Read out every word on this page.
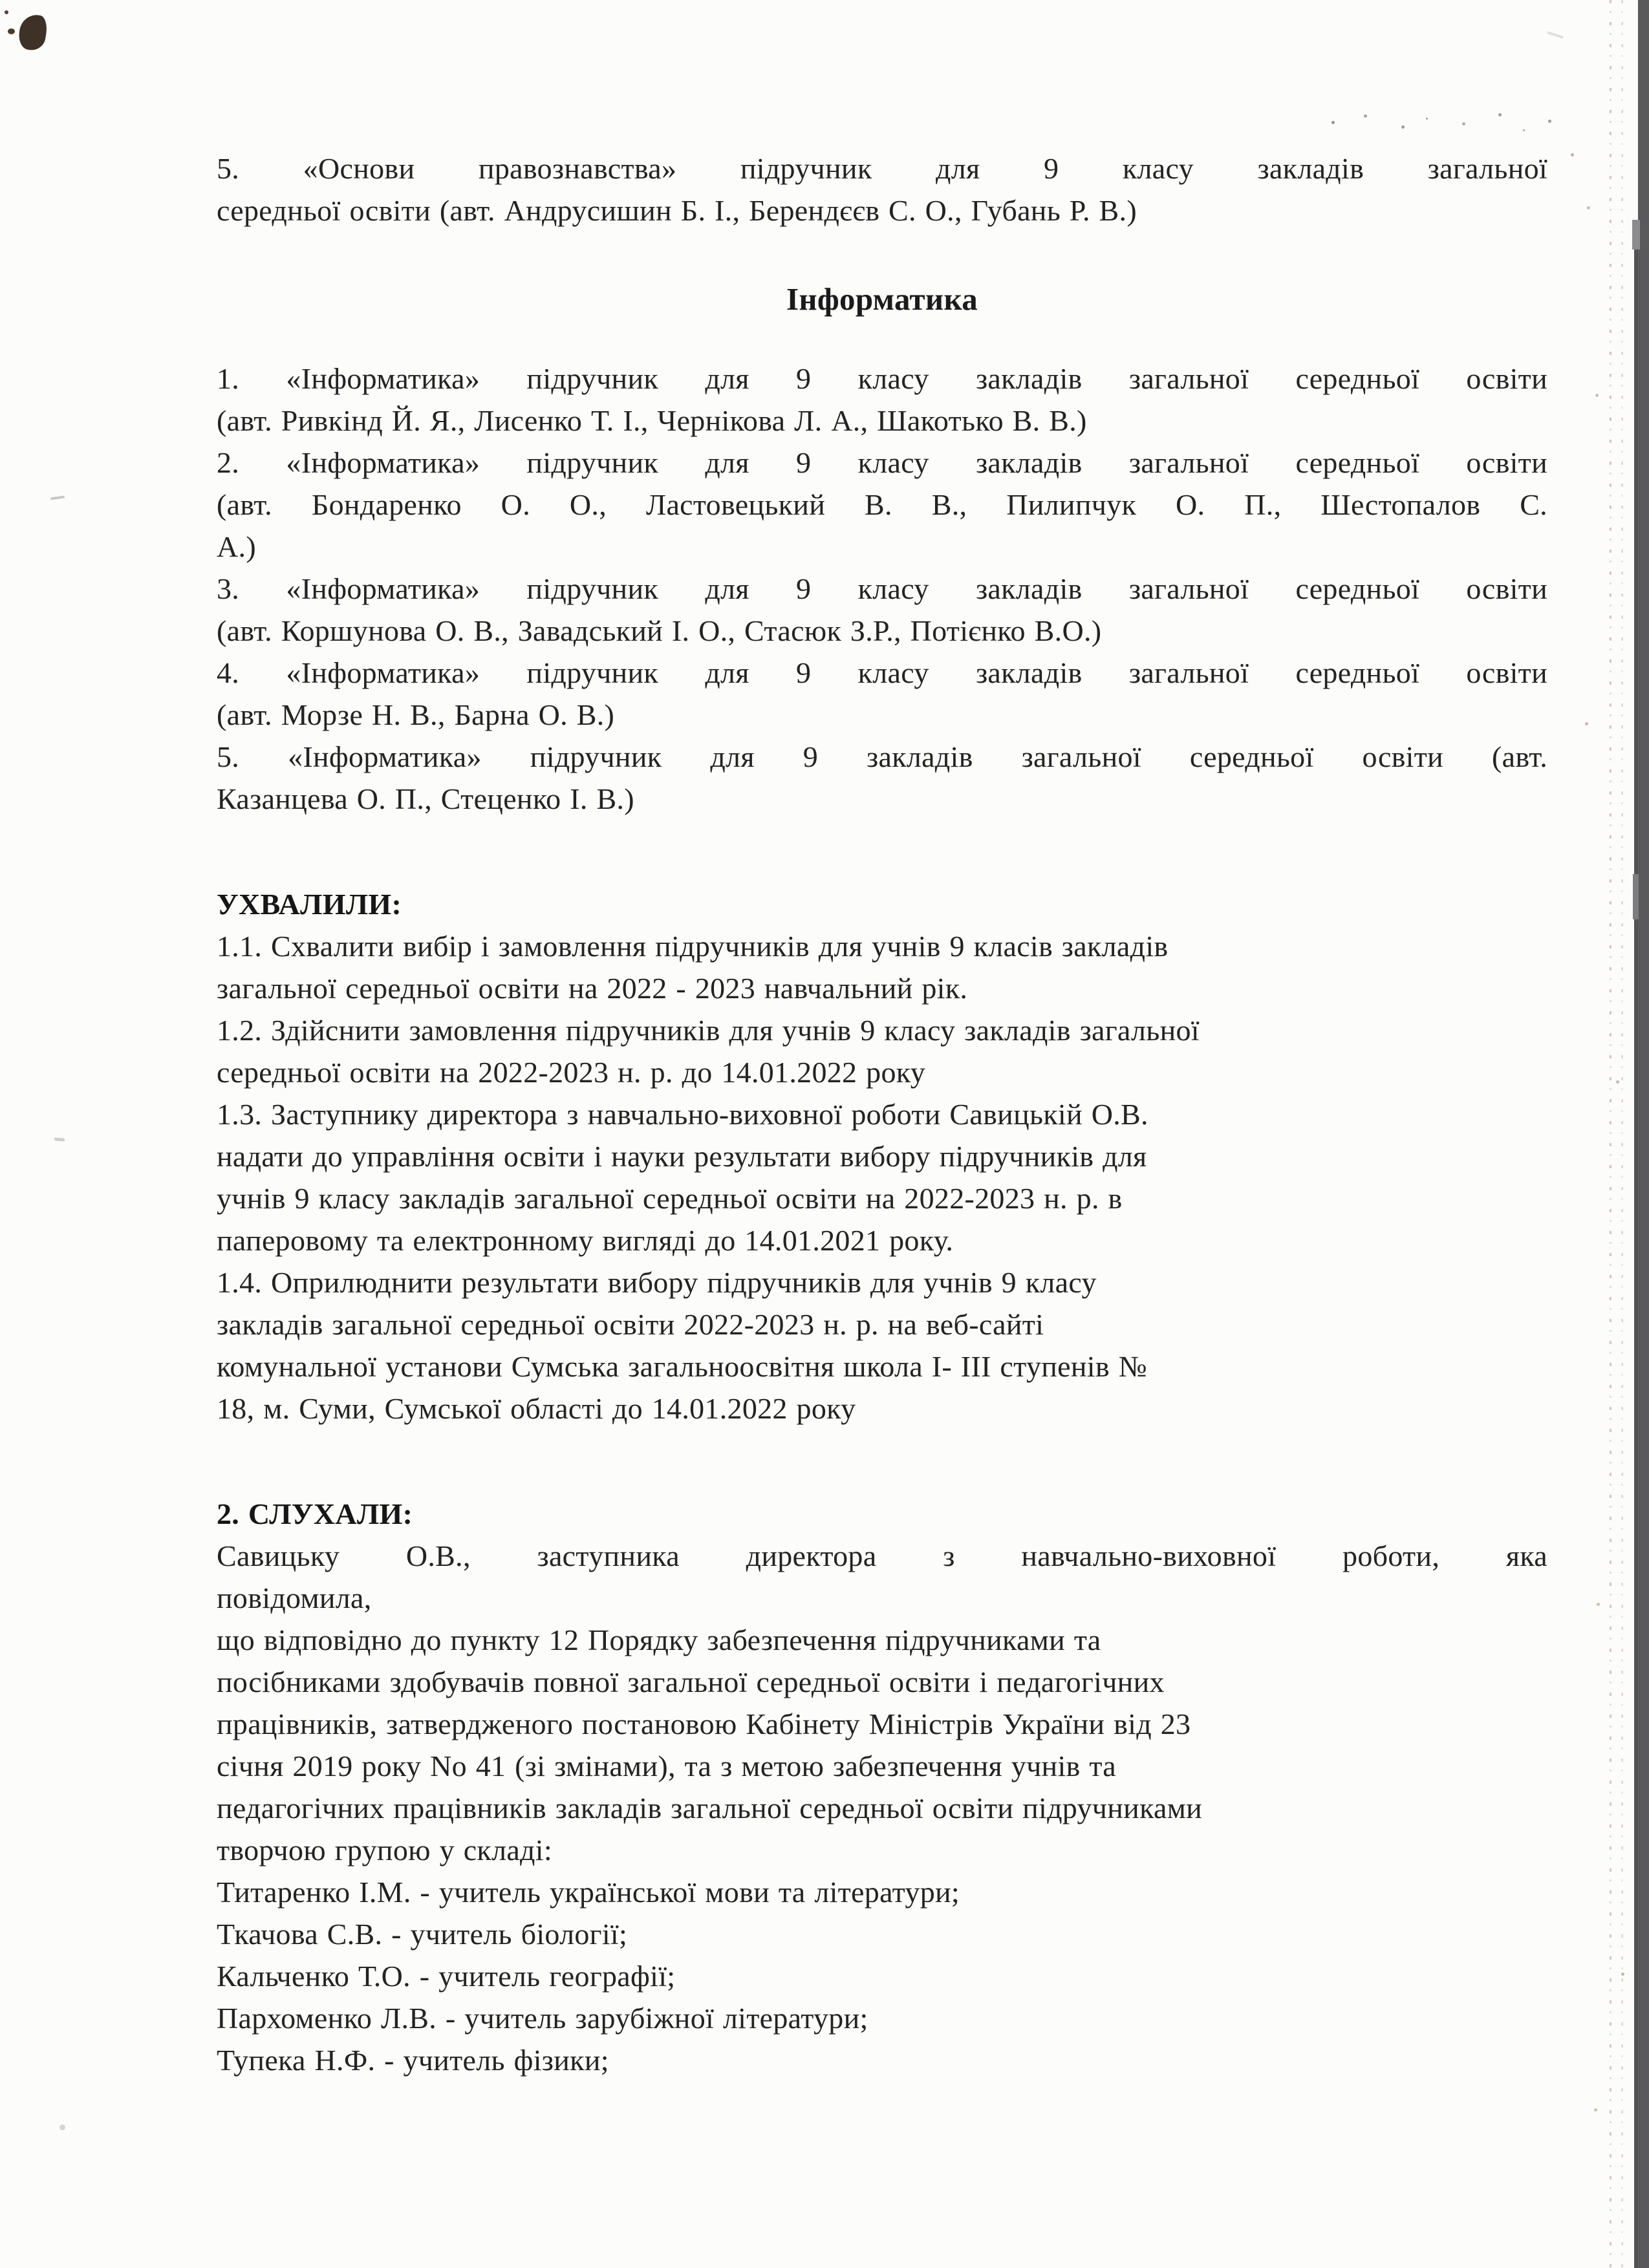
5. «Основи правознавства» підручник для 9 класу закладів загальної
середньої освіти (авт. Андрусишин Б. І., Берендєєв С. О., Губань Р. В.)
Інформатика
1. «Інформатика» підручник для 9 класу закладів загальної середньої освіти
(авт. Ривкінд Й. Я., Лисенко Т. І., Чернікова Л. А., Шакотько В. В.)
2. «Інформатика» підручник для 9 класу закладів загальної середньої освіти
(авт. Бондаренко О. О., Ластовецький В. В., Пилипчук О. П., Шестопалов С.
А.)
3. «Інформатика» підручник для 9 класу закладів загальної середньої освіти
(авт. Коршунова О. В., Завадський І. О., Стасюк З.Р., Потієнко В.О.)
4. «Інформатика» підручник для 9 класу закладів загальної середньої освіти
(авт. Морзе Н. В., Барна О. В.)
5. «Інформатика» підручник для 9 закладів загальної середньої освіти (авт.
Казанцева О. П., Стеценко І. В.)
УХВАЛИЛИ:
1.1. Схвалити вибір і замовлення підручників для учнів 9 класів закладів
загальної середньої освіти на 2022 - 2023 навчальний рік.
1.2. Здійснити замовлення підручників для учнів 9 класу закладів загальної
середньої освіти на 2022-2023 н. р. до 14.01.2022 року
1.3. Заступнику директора з навчально-виховної роботи Савицькій О.В.
надати до управління освіти і науки результати вибору підручників для
учнів 9 класу закладів загальної середньої освіти на 2022-2023 н. р. в
паперовому та електронному вигляді до 14.01.2021 року.
1.4. Оприлюднити результати вибору підручників для учнів 9 класу
закладів загальної середньої освіти 2022-2023 н. р. на веб-сайті
комунальної установи Сумська загальноосвітня школа І- ІІІ ступенів №
18, м. Суми, Сумської області до 14.01.2022 року
2. СЛУХАЛИ:
Савицьку О.В., заступника директора з навчально-виховної роботи, яка
повідомила,
що відповідно до пункту 12 Порядку забезпечення підручниками та
посібниками здобувачів повної загальної середньої освіти і педагогічних
працівників, затвердженого постановою Кабінету Міністрів України від 23
січня 2019 року No 41 (зі змінами), та з метою забезпечення учнів та
педагогічних працівників закладів загальної середньої освіти підручниками
творчою групою у складі:
Титаренко І.М. - учитель української мови та літератури;
Ткачова С.В. - учитель біології;
Кальченко Т.О. - учитель географії;
Пархоменко Л.В. - учитель зарубіжної літератури;
Тупека Н.Ф. - учитель фізики;
